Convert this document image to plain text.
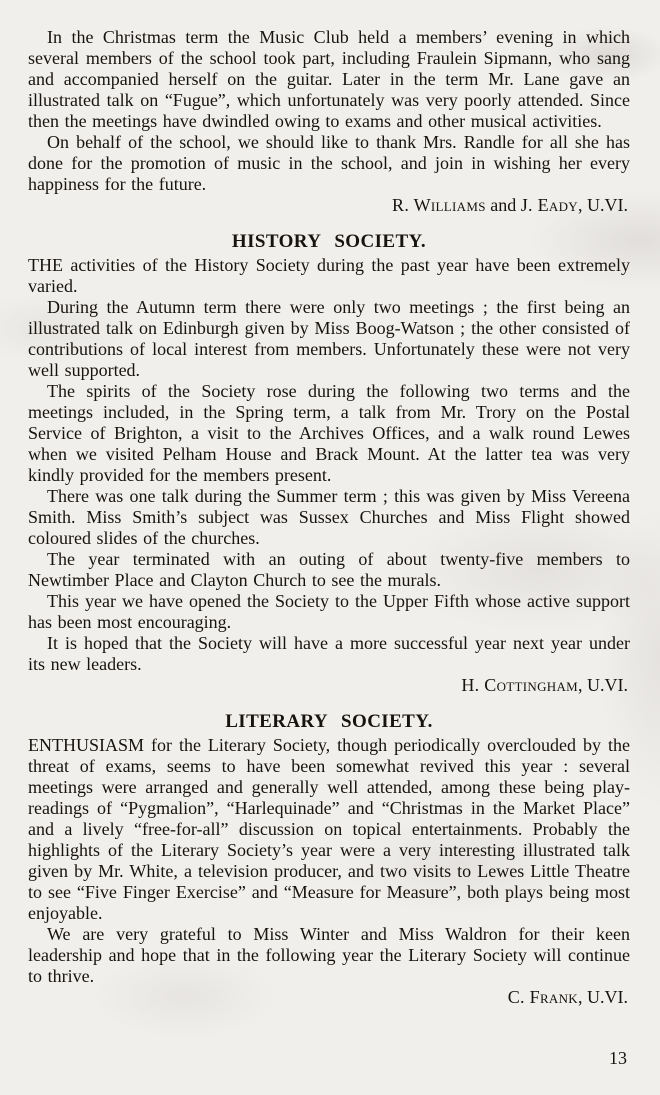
In the Christmas term the Music Club held a members’ evening in which several members of the school took part, including Fraulein Sipmann, who sang and accompanied herself on the guitar. Later in the term Mr. Lane gave an illustrated talk on “Fugue”, which unfortunately was very poorly attended. Since then the meetings have dwindled owing to exams and other musical activities.

On behalf of the school, we should like to thank Mrs. Randle for all she has done for the promotion of music in the school, and join in wishing her every happiness for the future.

R. Williams and J. Eady, U.VI.

HISTORY SOCIETY.

THE activities of the History Society during the past year have been extremely varied.

During the Autumn term there were only two meetings ; the first being an illustrated talk on Edinburgh given by Miss Boog-Watson ; the other consisted of contributions of local interest from members. Unfortunately these were not very well supported.

The spirits of the Society rose during the following two terms and the meetings included, in the Spring term, a talk from Mr. Trory on the Postal Service of Brighton, a visit to the Archives Offices, and a walk round Lewes when we visited Pelham House and Brack Mount. At the latter tea was very kindly provided for the members present.

There was one talk during the Summer term ; this was given by Miss Vereena Smith. Miss Smith’s subject was Sussex Churches and Miss Flight showed coloured slides of the churches.

The year terminated with an outing of about twenty-five members to Newtimber Place and Clayton Church to see the murals.

This year we have opened the Society to the Upper Fifth whose active support has been most encouraging.

It is hoped that the Society will have a more successful year next year under its new leaders.

H. Cottingham, U.VI.

LITERARY SOCIETY.

ENTHUSIASM for the Literary Society, though periodically overclouded by the threat of exams, seems to have been somewhat revived this year : several meetings were arranged and generally well attended, among these being play-readings of “Pygmalion”, “Harlequinade” and “Christmas in the Market Place” and a lively “free-for-all” discussion on topical entertainments. Probably the highlights of the Literary Society’s year were a very interesting illustrated talk given by Mr. White, a television producer, and two visits to Lewes Little Theatre to see “Five Finger Exercise” and “Measure for Measure”, both plays being most enjoyable.

We are very grateful to Miss Winter and Miss Waldron for their keen leadership and hope that in the following year the Literary Society will continue to thrive.

C. Frank, U.VI.

13
